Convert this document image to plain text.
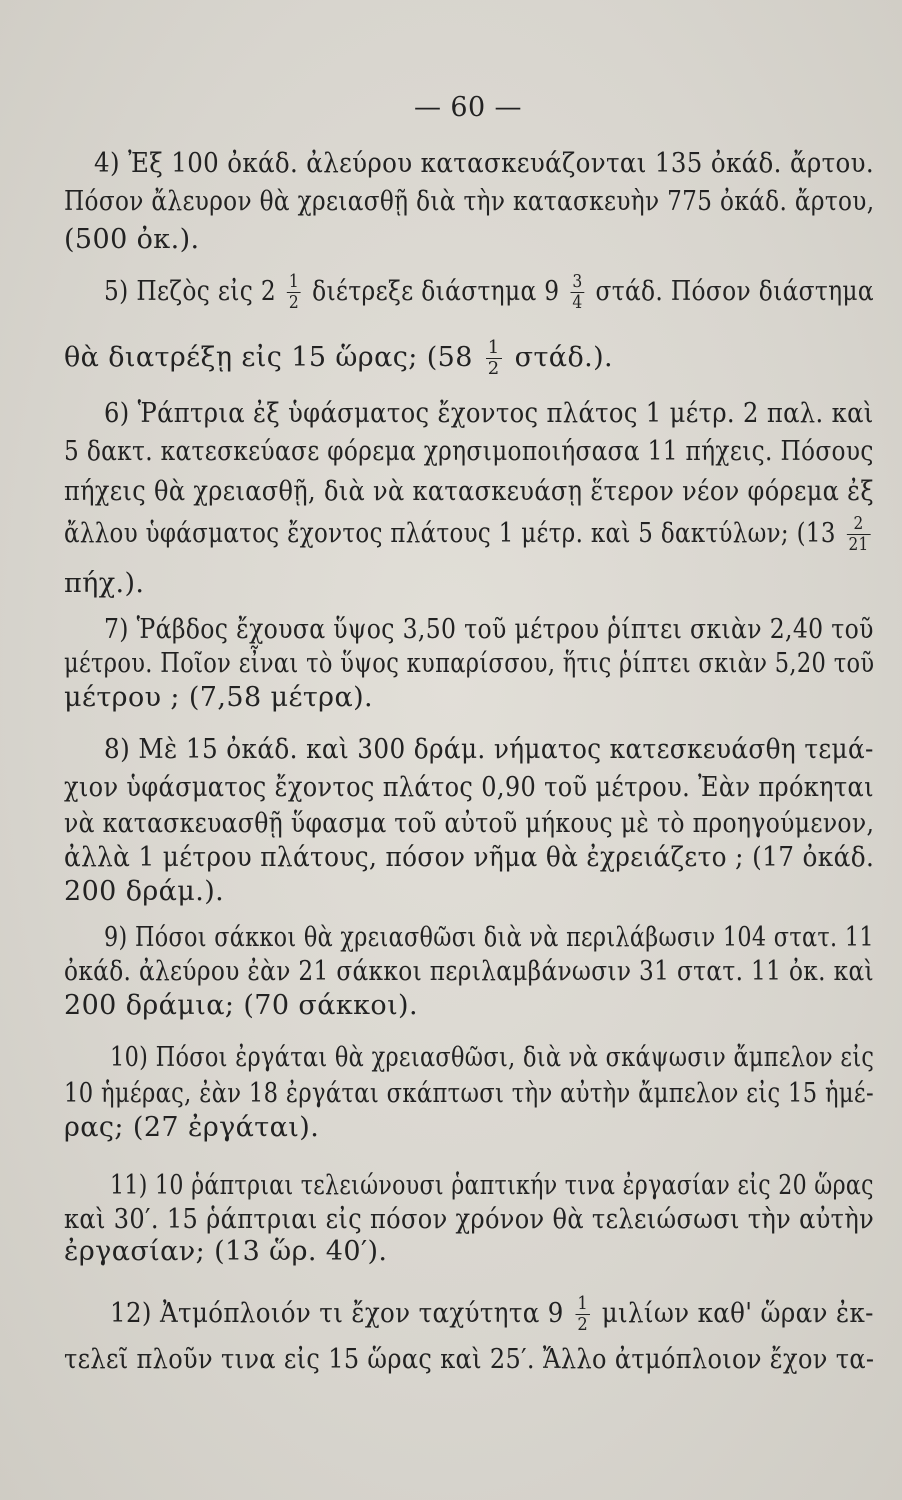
— 60 —
4) Ἐξ 100 ὀκάδ. ἀλεύρου κατασκευάζονται 135 ὀκάδ. ἄρτου.
Πόσον ἄλευρον θὰ χρειασθῇ διὰ τὴν κατασκευὴν 775 ὀκάδ. ἄρτου,
(500 ὀκ.).
5) Πεζὸς εἰς $2 \frac{1}{2}$ διέτρεξε διάστημα $9 \frac{3}{4} \sigma\tau ά\delta$. Πόσον διάστημα
θὰ διατρέξῃ εἰς 15 ὥρας; $(58 \frac{1}{2} \sigma\tau ά\delta.)$.
6) Ῥάπτρια ἐξ ὑφάσματος ἔχοντος πλάτος 1 μέτρ. 2 παλ. καὶ
5 δακτ. κατεσκεύασε φόρεμα χρησιμοποιήσασα 11 πήχεις. Πόσους
πήχεις θὰ χρειασθῇ, διὰ νὰ κατασκευάσῃ ἕτερον νέον φόρεμα ἐξ
ἄλλου ὑφάσματος ἔχοντος πλάτους 1 μέτρ. καὶ 5 δακτύλων; ($13 \frac{2}{21}$
πήχ.).
7) Ῥάβδος ἔχουσα ὕψος 3,50 τοῦ μέτρου ῥίπτει σκιὰν 2,40 τοῦ
μέτρου. Ποῖον εἶναι τὸ ὕψος κυπαρίσσου, ἥτις ῥίπτει σκιὰν 5,20 τοῦ
μέτρου ; (7,58 μέτρα).
8) Μὲ 15 ὀκάδ. καὶ 300 δράμ. νήματος κατεσκευάσθη τεμά-
χιον ὑφάσματος ἔχοντος πλάτος 0,90 τοῦ μέτρου. Ἐὰν πρόκηται
νὰ κατασκευασθῇ ὕφασμα τοῦ αὐτοῦ μήκους μὲ τὸ προηγούμενον,
ἀλλὰ 1 μέτρου πλάτους, πόσον νῆμα θὰ ἐχρειάζετο ; (17 ὀκάδ.
200 δράμ.).
9) Πόσοι σάκκοι θὰ χρειασθῶσι διὰ νὰ περιλάβωσιν 104 στατ. 11
ὀκάδ. ἀλεύρου ἐὰν 21 σάκκοι περιλαμβάνωσιν 31 στατ. 11 ὀκ. καὶ
200 δράμια; (70 σάκκοι).
10) Πόσοι ἐργάται θὰ χρειασθῶσι, διὰ νὰ σκάψωσιν ἄμπελον εἰς
10 ἡμέρας, ἐὰν 18 ἐργάται σκάπτωσι τὴν αὐτὴν ἄμπελον εἰς 15 ἡμέ-
ρας; (27 ἐργάται).
11) 10 ῥάπτριαι τελειώνουσι ῥαπτικήν τινα ἐργασίαν εἰς 20 ὥρας
καὶ 30′. 15 ῥάπτριαι εἰς πόσον χρόνον θὰ τελειώσωσι τὴν αὐτὴν
ἐργασίαν; (13 ὥρ. 40′).
12) Ἀτμόπλοιόν τι ἔχον ταχύτητα $9 \frac{1}{2}$ μιλίων καθ' ὥραν ἐκ-
τελεῖ πλοῦν τινα εἰς 15 ὥρας καὶ 25′. Ἄλλο ἀτμόπλοιον ἔχον τα-
